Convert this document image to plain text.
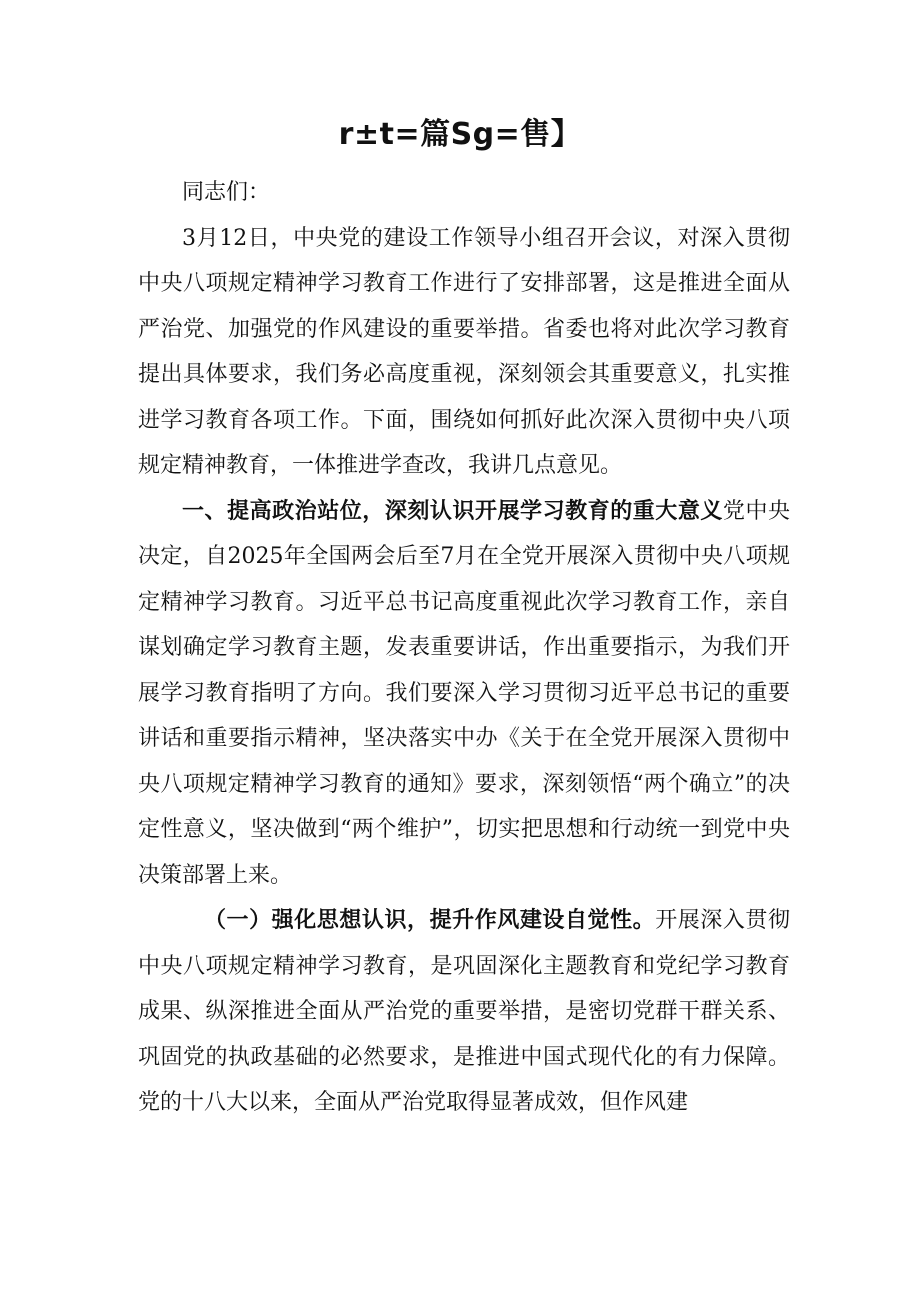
r±t=篇Sg=售】

同志们：

3月12日，中央党的建设工作领导小组召开会议，对深入贯彻中央八项规定精神学习教育工作进行了安排部署，这是推进全面从严治党、加强党的作风建设的重要举措。省委也将对此次学习教育提出具体要求，我们务必高度重视，深刻领会其重要意义，扎实推进学习教育各项工作。下面，围绕如何抓好此次深入贯彻中央八项规定精神教育，一体推进学查改，我讲几点意见。

一、提高政治站位，深刻认识开展学习教育的重大意义党中央决定，自2025年全国两会后至7月在全党开展深入贯彻中央八项规定精神学习教育。习近平总书记高度重视此次学习教育工作，亲自谋划确定学习教育主题，发表重要讲话，作出重要指示，为我们开展学习教育指明了方向。我们要深入学习贯彻习近平总书记的重要讲话和重要指示精神，坚决落实中办《关于在全党开展深入贯彻中央八项规定精神学习教育的通知》要求，深刻领悟“两个确立”的决定性意义，坚决做到“两个维护”，切实把思想和行动统一到党中央决策部署上来。

（一）强化思想认识，提升作风建设自觉性。开展深入贯彻中央八项规定精神学习教育，是巩固深化主题教育和党纪学习教育成果、纵深推进全面从严治党的重要举措，是密切党群干群关系、巩固党的执政基础的必然要求，是推进中国式现代化的有力保障。党的十八大以来，全面从严治党取得显著成效，但作风建
